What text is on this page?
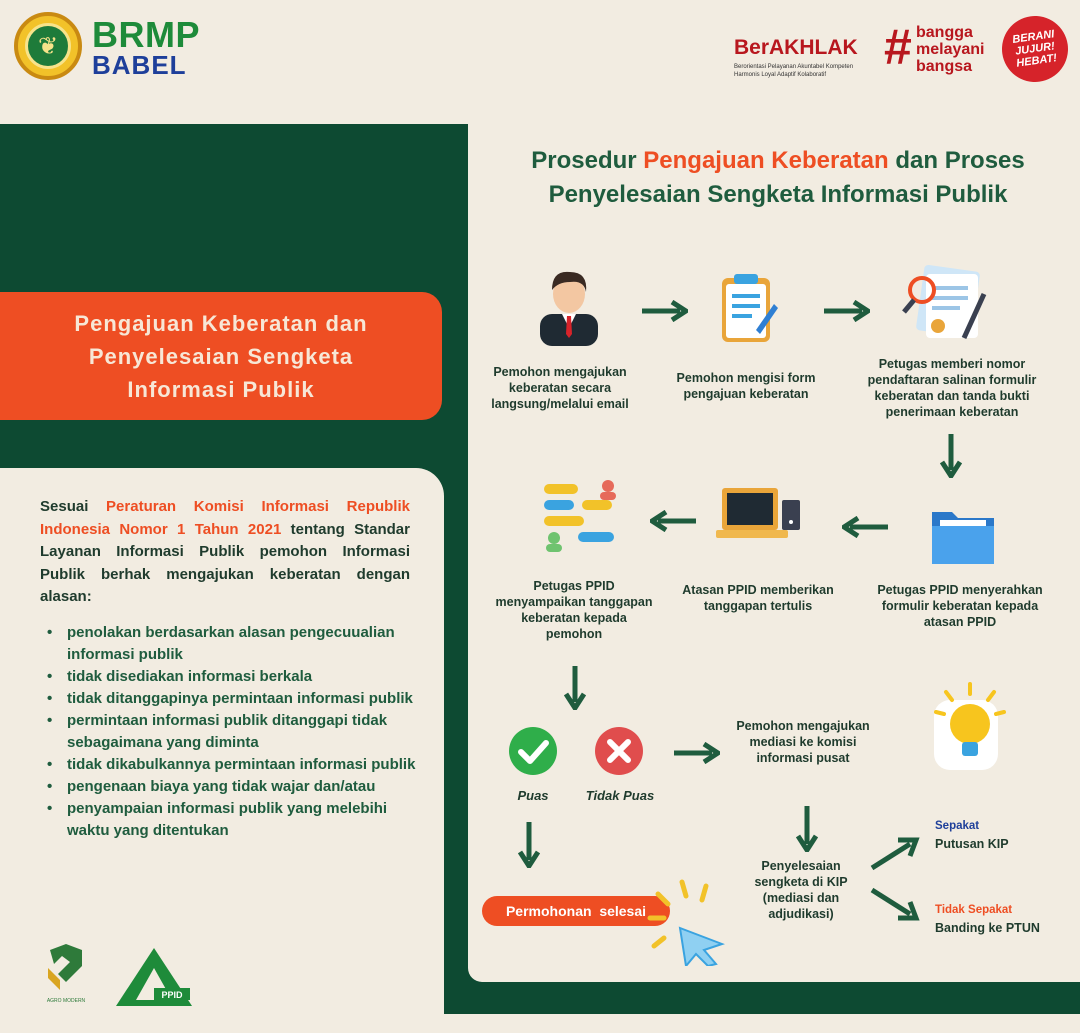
❦ BRMP
BABEL
BerAKHLAK
Berorientasi Pelayanan Akuntabel Kompeten Harmonis Loyal Adaptif Kolaboratif	# bangga
melayani
bangsa
BERANI JUJUR! HEBAT!
Pengajuan Keberatan dan
Penyelesaian Sengketa
Informasi Publik
Sesuai Peraturan Komisi Informasi Republik Indonesia Nomor 1 Tahun 2021 tentang Standar Layanan Informasi Publik pemohon Informasi Publik berhak mengajukan keberatan dengan alasan:
• penolakan berdasarkan alasan pengecuualian informasi publik
• tidak disediakan informasi berkala
• tidak ditanggapinya permintaan informasi publik
• permintaan informasi publik ditanggapi tidak sebagaimana yang diminta
• tidak dikabulkannya permintaan informasi publik
• pengenaan biaya yang tidak wajar dan/atau
• penyampaian informasi publik yang melebihi waktu yang ditentukan
AGRO MODERN
PPID
Prosedur Pengajuan Keberatan dan Proses
Penyelesaian Sengketa Informasi Publik
Pemohon mengajukan keberatan secara langsung/melalui email
Pemohon mengisi form pengajuan keberatan
Petugas memberi nomor pendaftaran salinan formulir keberatan dan tanda bukti penerimaan keberatan
Petugas PPID menyerahkan formulir keberatan kepada atasan PPID
Atasan PPID memberikan tanggapan tertulis
Petugas PPID menyampaikan tanggapan keberatan kepada pemohon
Puas	Tidak Puas
Pemohon mengajukan mediasi ke komisi informasi pusat
Permohonan  selesai
Penyelesaian sengketa di KIP (mediasi dan adjudikasi)
Sepakat
Putusan KIP
Tidak Sepakat
Banding ke PTUN
